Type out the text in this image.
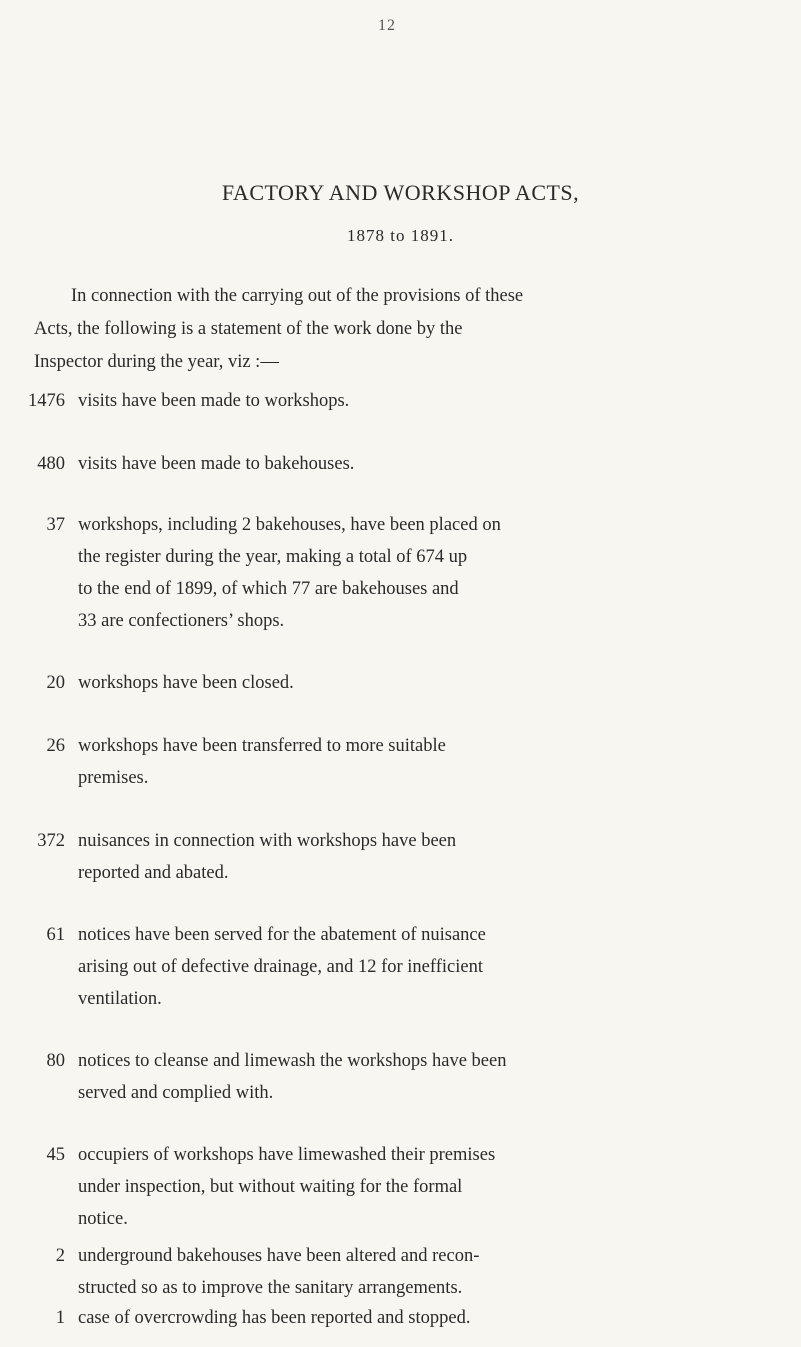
12
FACTORY AND WORKSHOP ACTS,
1878 to 1891.
In connection with the carrying out of the provisions of these
Acts, the following is a statement of the work done by the
Inspector during the year, viz :—
1476 visits have been made to workshops.
480 visits have been made to bakehouses.
37 workshops, including 2 bakehouses, have been placed on
the register during the year, making a total of 674 up
to the end of 1899, of which 77 are bakehouses and
33 are confectioners’ shops.
20 workshops have been closed.
26 workshops have been transferred to more suitable
premises.
372 nuisances in connection with workshops have been
reported and abated.
61 notices have been served for the abatement of nuisance
arising out of defective drainage, and 12 for inefficient
ventilation.
80 notices to cleanse and limewash the workshops have been
served and complied with.
45 occupiers of workshops have limewashed their premises
under inspection, but without waiting for the formal
notice.
2 underground bakehouses have been altered and recon-
structed so as to improve the sanitary arrangements.
1 case of overcrowding has been reported and stopped.
